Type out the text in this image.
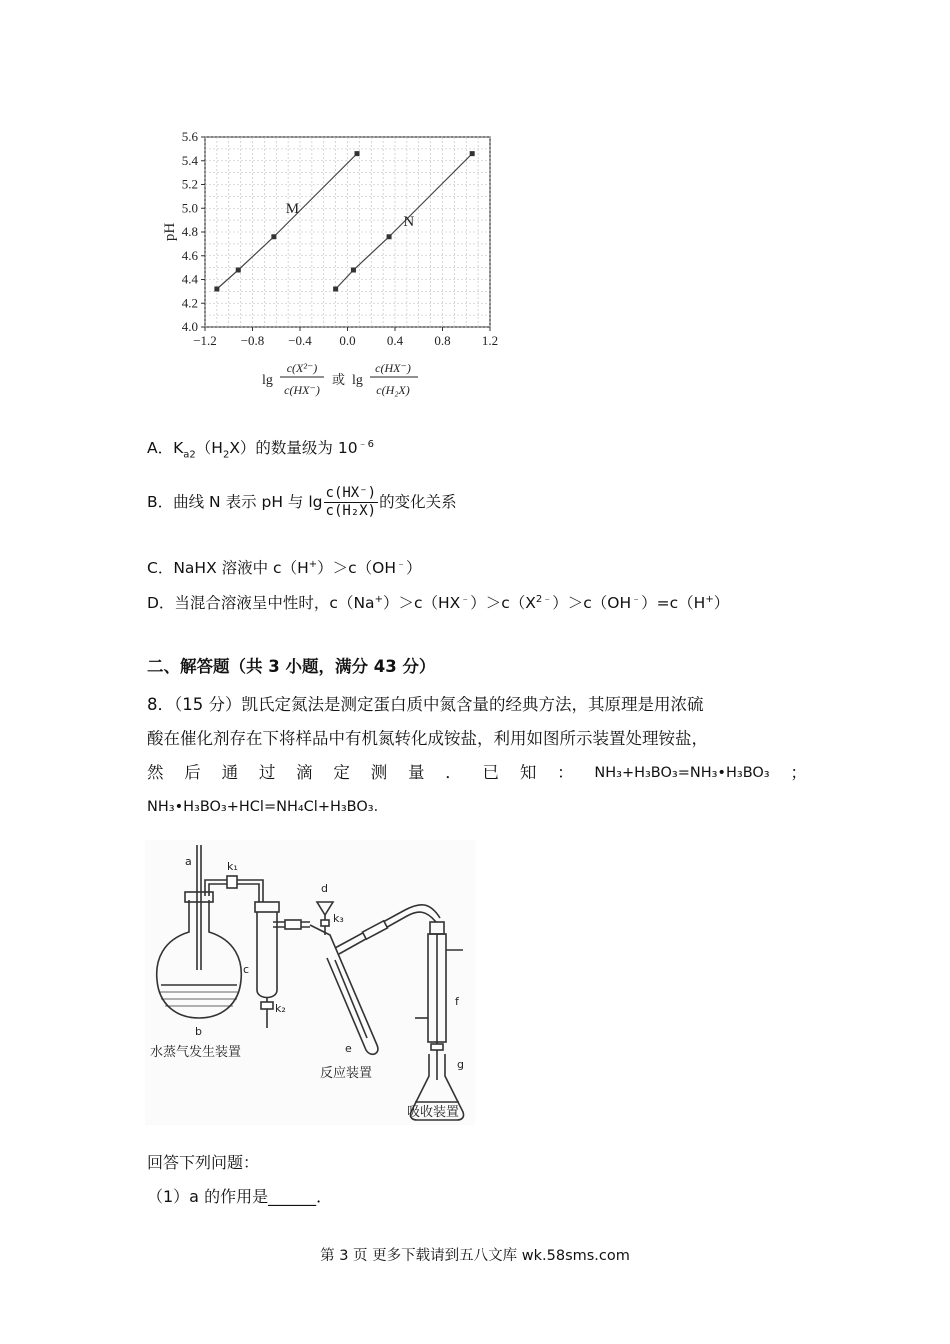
−1.2 −0.8 −0.4 0.0 0.4 0.8 1.2
4.0
4.2
4.4
4.6
4.8
5.0
5.2
5.4
5.6
M
N
pH
lg
c(X²⁻)
c(HX⁻)
或 lg
c(HX⁻)
c(H₂X)
A．$K_{a2}(H_2X)$的数量级为 $10^{﹣6}$
B．曲线 N 表示 pH 与 $\lg \frac{c(HX^-)}{\text{c(H₂X)}}$ 的变化关系
C．NaHX 溶液中 c（H+）＞c（OH﹣）
D．当混合溶液呈中性时，$c(Na^+)>c(HX^﹣)>c(X^{2﹣})>c(OH^﹣)=c(H^+)$
二、解答题（共 3 小题，满分 43 分）
8．（15 分）凯氏定氮法是测定蛋白质中氮含量的经典方法，其原理是用浓硫
酸在催化剂存在下将样品中有机氮转化成铵盐，利用如图所示装置处理铵盐，
然 后 通 过 滴 定 测 量 ． 已 知 ： NH₃+H₃BO₃=NH₃•H₃BO₃ ；
NH₃•H₃BO₃+HCl=NH₄Cl+H₃BO₃．
a	k₁
d
k₃
b
c
k₂
e
f
g
水蒸气发生装置
反应装置
吸收装置
回答下列问题：
（1）a 的作用是______．
第 3 页 更多下载请到五八文库 wk.58sms.com
